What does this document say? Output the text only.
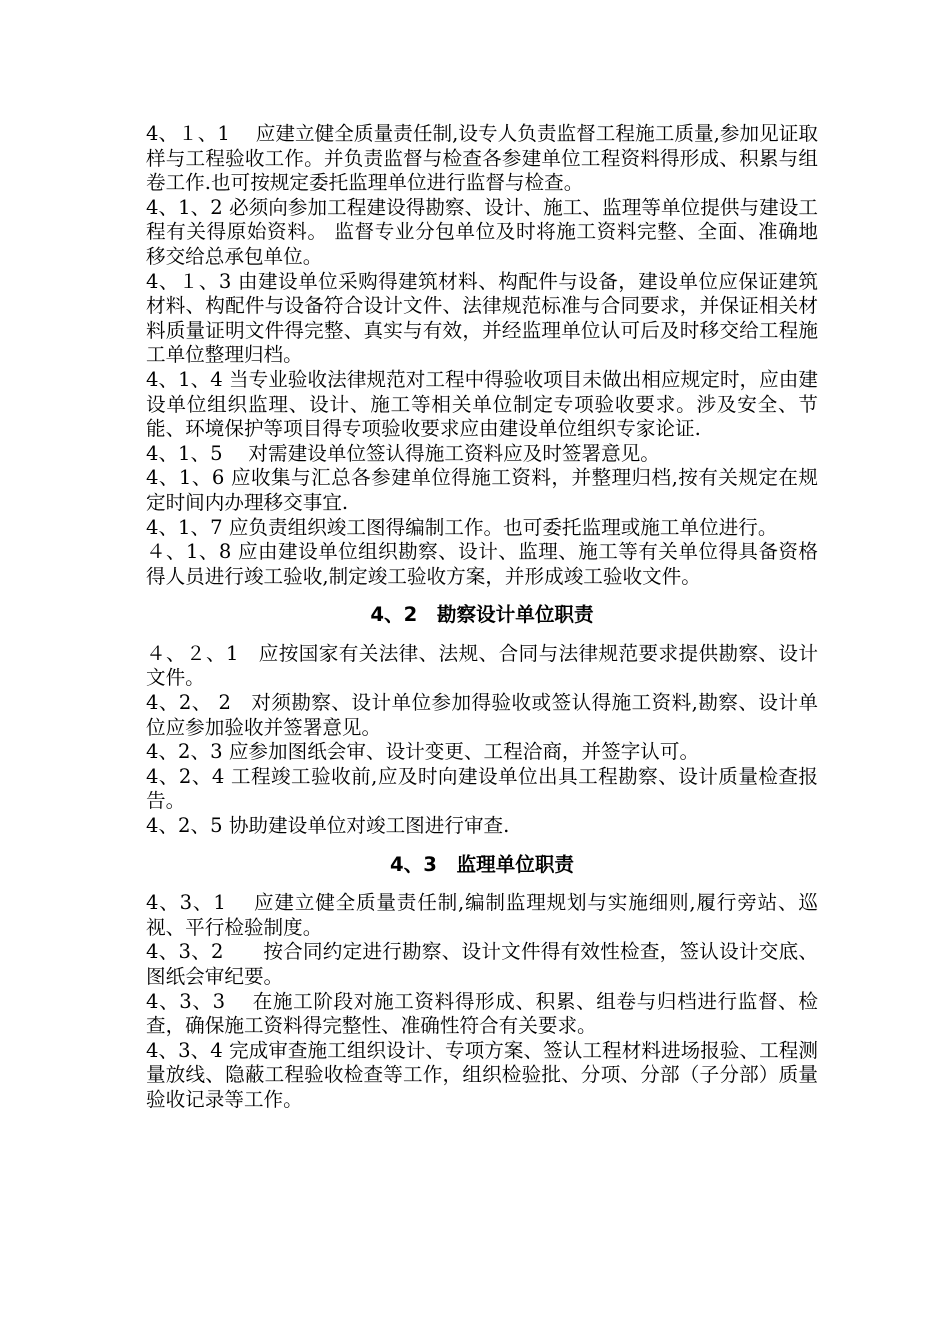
4、１、1 　应建立健全质量责任制,设专人负责监督工程施工质量,参加见证取样与工程验收工作。并负责监督与检查各参建单位工程资料得形成、积累与组卷工作.也可按规定委托监理单位进行监督与检查。

4、1、2 必须向参加工程建设得勘察、设计、施工、监理等单位提供与建设工程有关得原始资料。 监督专业分包单位及时将施工资料完整、全面、准确地移交给总承包单位。

4、１、3 由建设单位采购得建筑材料、构配件与设备，建设单位应保证建筑材料、构配件与设备符合设计文件、法律规范标准与合同要求，并保证相关材料质量证明文件得完整、真实与有效，并经监理单位认可后及时移交给工程施工单位整理归档。

4、1、4 当专业验收法律规范对工程中得验收项目未做出相应规定时，应由建设单位组织监理、设计、施工等相关单位制定专项验收要求。涉及安全、节能、环境保护等项目得专项验收要求应由建设单位组织专家论证.

4、1、5　 对需建设单位签认得施工资料应及时签署意见。

4、1、6 应收集与汇总各参建单位得施工资料，并整理归档,按有关规定在规定时间内办理移交事宜.

4、1、7 应负责组织竣工图得编制工作。也可委托监理或施工单位进行。

４、1、8 应由建设单位组织勘察、设计、监理、施工等有关单位得具备资格得人员进行竣工验收,制定竣工验收方案，并形成竣工验收文件。

4、2　勘察设计单位职责

４、２、1　应按国家有关法律、法规、合同与法律规范要求提供勘察、设计文件。

4、2、 2　对须勘察、设计单位参加得验收或签认得施工资料,勘察、设计单位应参加验收并签署意见。

4、2、3 应参加图纸会审、设计变更、工程洽商，并签字认可。

4、2、4 工程竣工验收前,应及时向建设单位出具工程勘察、设计质量检查报告。

4、2、5 协助建设单位对竣工图进行审查.

4、3　监理单位职责

4、3、1　 应建立健全质量责任制,编制监理规划与实施细则,履行旁站、巡视、平行检验制度。

4、3、2　　按合同约定进行勘察、设计文件得有效性检查，签认设计交底、图纸会审纪要。

4、3、3　 在施工阶段对施工资料得形成、积累、组卷与归档进行监督、检查，确保施工资料得完整性、准确性符合有关要求。

4、3、4 完成审查施工组织设计、专项方案、签认工程材料进场报验、工程测量放线、隐蔽工程验收检查等工作，组织检验批、分项、分部（子分部）质量验收记录等工作。
